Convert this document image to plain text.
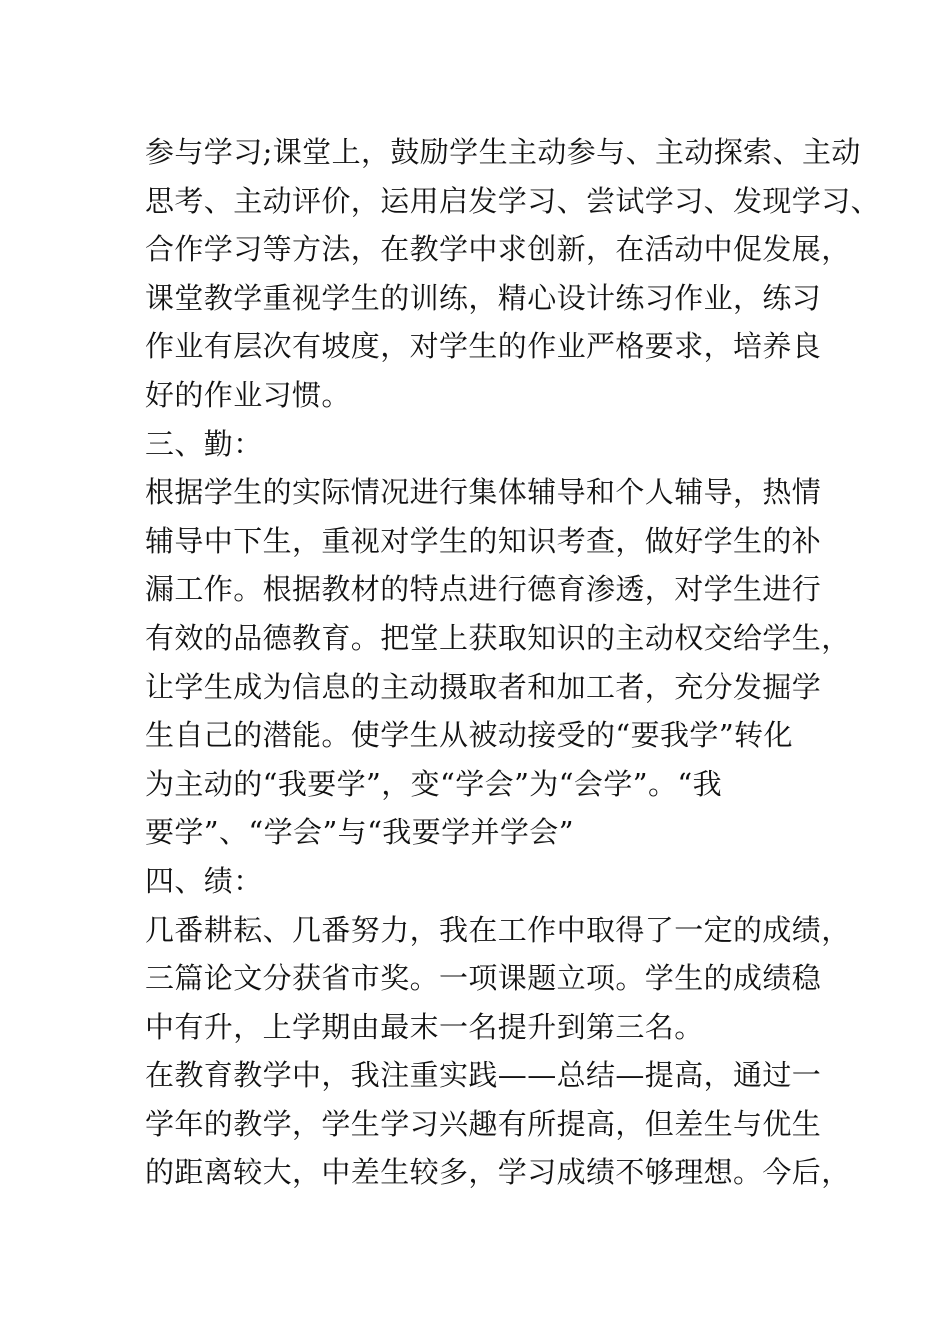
参与学习;课堂上，鼓励学生主动参与、主动探索、主动
思考、主动评价，运用启发学习、尝试学习、发现学习、
合作学习等方法，在教学中求创新，在活动中促发展，
课堂教学重视学生的训练，精心设计练习作业，练习
作业有层次有坡度，对学生的作业严格要求，培养良
好的作业习惯。
三、勤：
根据学生的实际情况进行集体辅导和个人辅导，热情
辅导中下生，重视对学生的知识考查，做好学生的补
漏工作。根据教材的特点进行德育渗透，对学生进行
有效的品德教育。把堂上获取知识的主动权交给学生，
让学生成为信息的主动摄取者和加工者，充分发掘学
生自己的潜能。使学生从被动接受的“要我学”转化
为主动的“我要学”，变“学会”为“会学”。“我
要学”、“学会”与“我要学并学会”
四、绩：
几番耕耘、几番努力，我在工作中取得了一定的成绩，
三篇论文分获省市奖。一项课题立项。学生的成绩稳
中有升，上学期由最末一名提升到第三名。
在教育教学中，我注重实践——总结—提高，通过一
学年的教学，学生学习兴趣有所提高，但差生与优生
的距离较大，中差生较多，学习成绩不够理想。今后，
